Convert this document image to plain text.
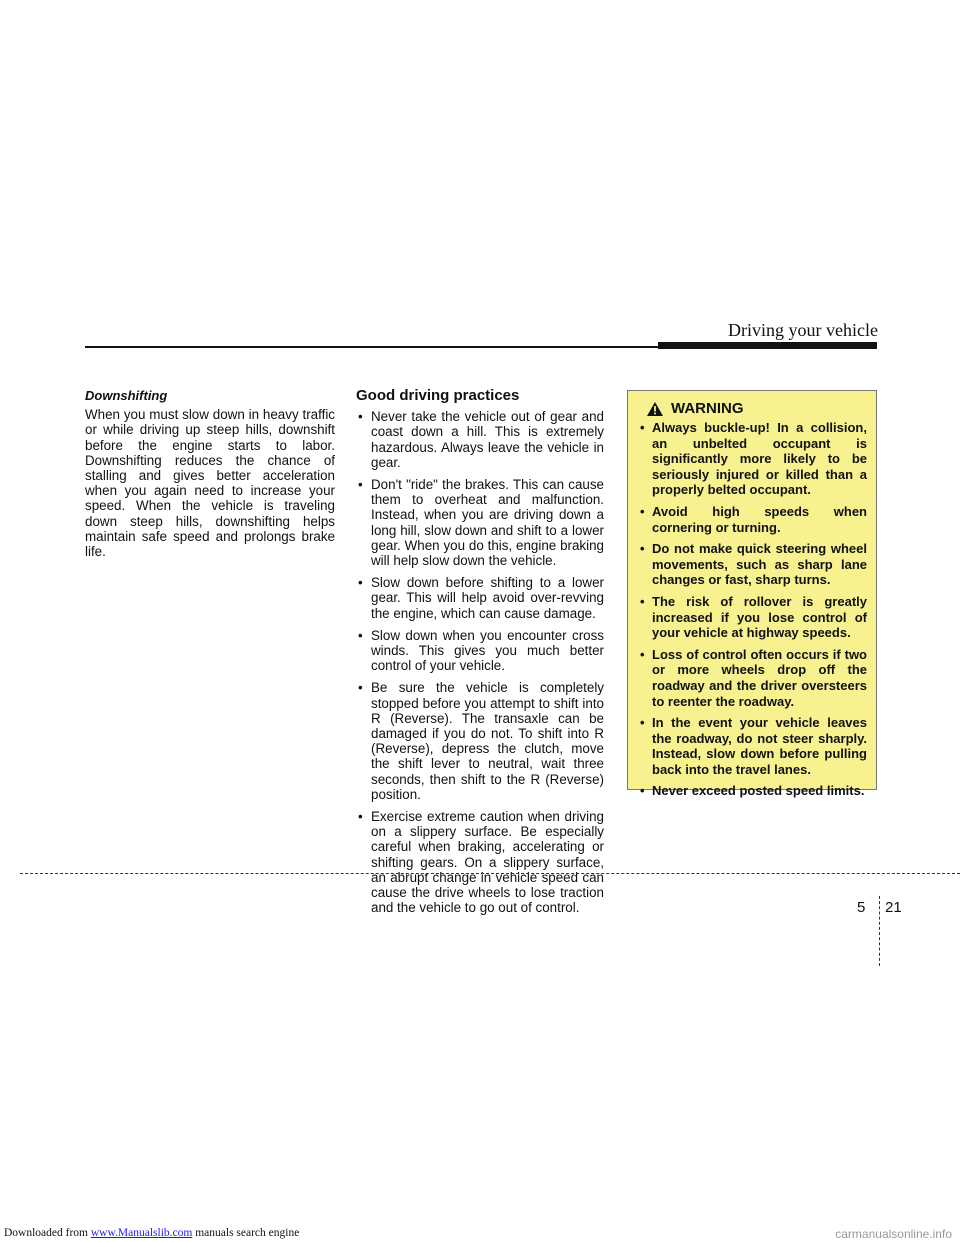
Driving your vehicle

Downshifting

When you must slow down in heavy traffic or while driving up steep hills, downshift before the engine starts to labor. Downshifting reduces the chance of stalling and gives better acceleration when you again need to increase your speed. When the vehicle is traveling down steep hills, downshifting helps maintain safe speed and prolongs brake life.

Good driving practices

• Never take the vehicle out of gear and coast down a hill. This is extremely hazardous. Always leave the vehicle in gear.
• Don't "ride" the brakes. This can cause them to overheat and malfunction. Instead, when you are driving down a long hill, slow down and shift to a lower gear. When you do this, engine braking will help slow down the vehicle.
• Slow down before shifting to a lower gear. This will help avoid over-revving the engine, which can cause damage.
• Slow down when you encounter cross winds. This gives you much better control of your vehicle.
• Be sure the vehicle is completely stopped before you attempt to shift into R (Reverse). The transaxle can be damaged if you do not. To shift into R (Reverse), depress the clutch, move the shift lever to neutral, wait three seconds, then shift to the R (Reverse) position.
• Exercise extreme caution when driving on a slippery surface. Be especially careful when braking, accelerating or shifting gears. On a slippery surface, an abrupt change in vehicle speed can cause the drive wheels to lose traction and the vehicle to go out of control.
WARNING
• Always buckle-up! In a collision, an unbelted occupant is significantly more likely to be seriously injured or killed than a properly belted occupant.
• Avoid high speeds when cornering or turning.
• Do not make quick steering wheel movements, such as sharp lane changes or fast, sharp turns.
• The risk of rollover is greatly increased if you lose control of your vehicle at highway speeds.
• Loss of control often occurs if two or more wheels drop off the roadway and the driver oversteers to reenter the roadway.
• In the event your vehicle leaves the roadway, do not steer sharply. Instead, slow down before pulling back into the travel lanes.
• Never exceed posted speed limits.
5 21
Downloaded from www.Manualslib.com manuals search engine	carmanualsonline.info
